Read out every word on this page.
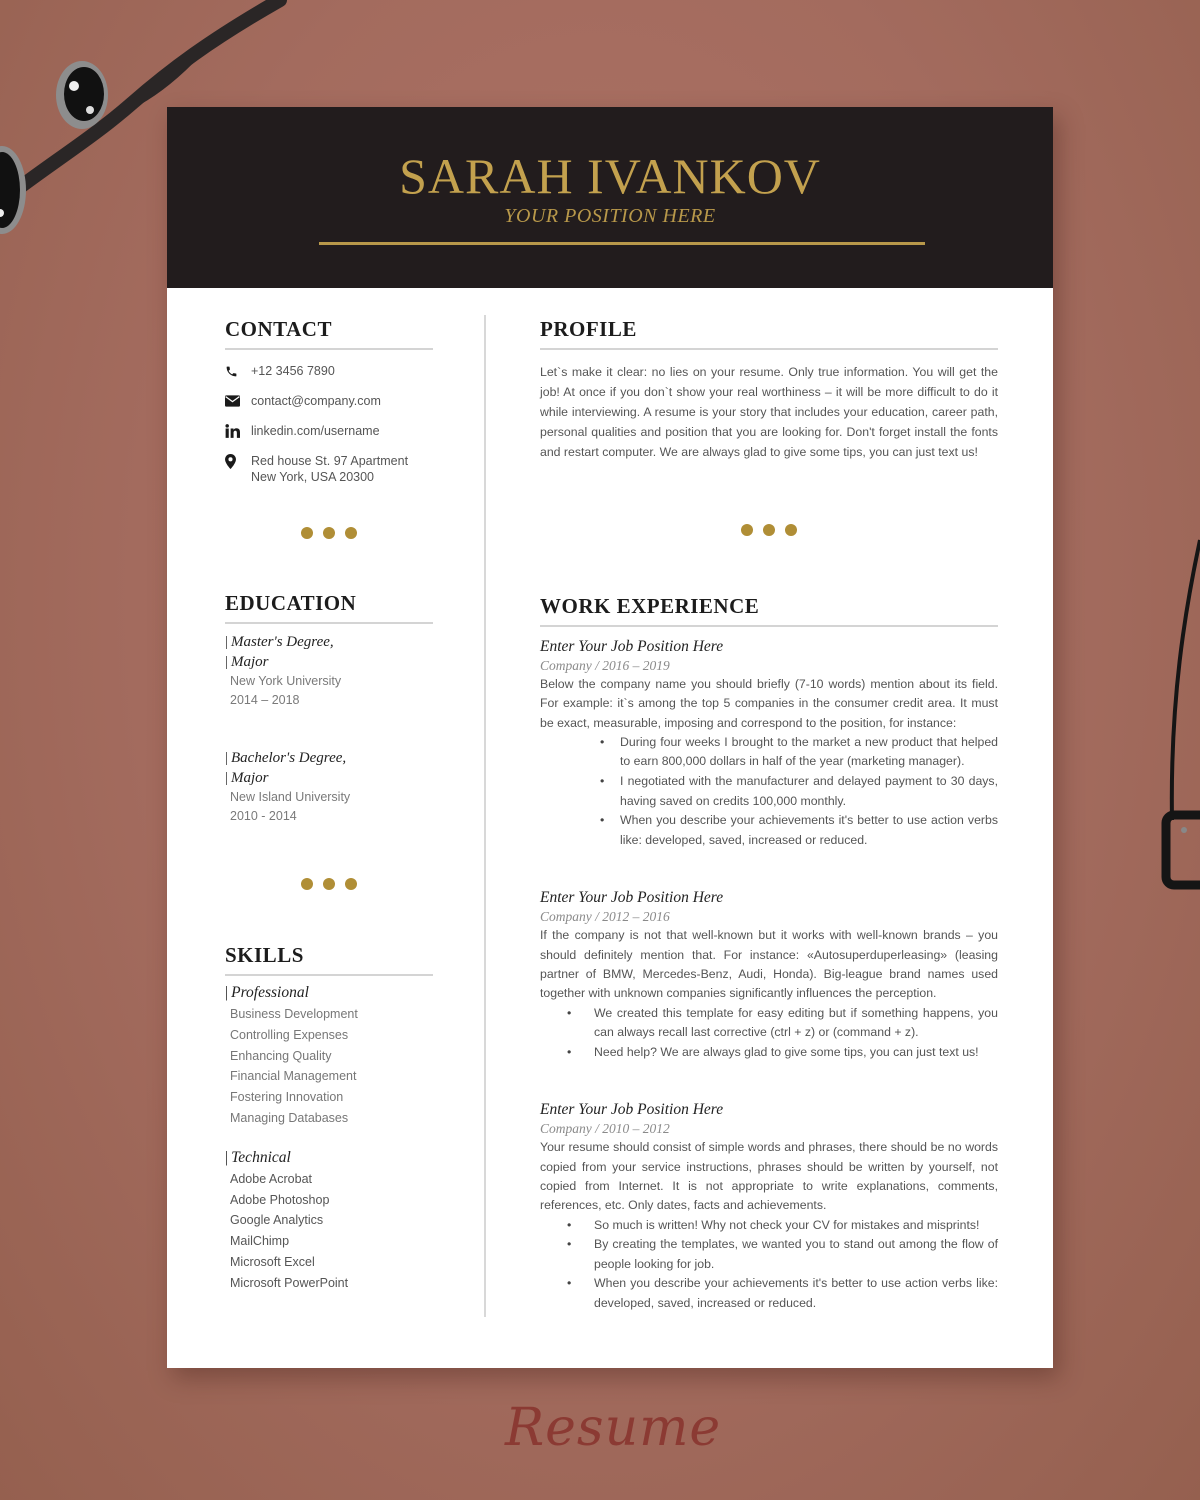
SARAH IVANKOV
YOUR POSITION HERE
CONTACT
+12 3456 7890
contact@company.com
linkedin.com/username
Red house St. 97 Apartment
New York, USA 20300
EDUCATION
| Master's Degree,
| Major
New York University
2014 – 2018
| Bachelor's Degree,
| Major
New Island University
2010 - 2014
SKILLS
| Professional
Business Development
Controlling Expenses
Enhancing Quality
Financial Management
Fostering Innovation
Managing Databases
| Technical
Adobe Acrobat
Adobe Photoshop
Google Analytics
MailChimp
Microsoft Excel
Microsoft PowerPoint
PROFILE
Let`s make it clear: no lies on your resume. Only true information. You will get the job! At once if you don`t show your real worthiness – it will be more difficult to do it while interviewing. A resume is your story that includes your education, career path, personal qualities and position that you are looking for. Don't forget install the fonts and restart computer. We are always glad to give some tips, you can just text us!
WORK EXPERIENCE
Enter Your Job Position Here
Company / 2016 – 2019
Below the company name you should briefly (7-10 words) mention about its field. For example: it`s among the top 5 companies in the consumer credit area. It must be exact, measurable, imposing and correspond to the position, for instance:
• During four weeks I brought to the market a new product that helped to earn 800,000 dollars in half of the year (marketing manager).
• I negotiated with the manufacturer and delayed payment to 30 days, having saved on credits 100,000 monthly.
• When you describe your achievements it's better to use action verbs like: developed, saved, increased or reduced.
Enter Your Job Position Here
Company / 2012 – 2016
If the company is not that well-known but it works with well-known brands – you should definitely mention that. For instance: «Autosuperduperleasing» (leasing partner of BMW, Mercedes-Benz, Audi, Honda). Big-league brand names used together with unknown companies significantly influences the perception.
• We created this template for easy editing but if something happens, you can always recall last corrective (ctrl + z) or (command + z).
• Need help? We are always glad to give some tips, you can just text us!
Enter Your Job Position Here
Company / 2010 – 2012
Your resume should consist of simple words and phrases, there should be no words copied from your service instructions, phrases should be written by yourself, not copied from Internet. It is not appropriate to write explanations, comments, references, etc. Only dates, facts and achievements.
• So much is written! Why not check your CV for mistakes and misprints!
• By creating the templates, we wanted you to stand out among the flow of people looking for job.
• When you describe your achievements it's better to use action verbs like: developed, saved, increased or reduced.
Resume
